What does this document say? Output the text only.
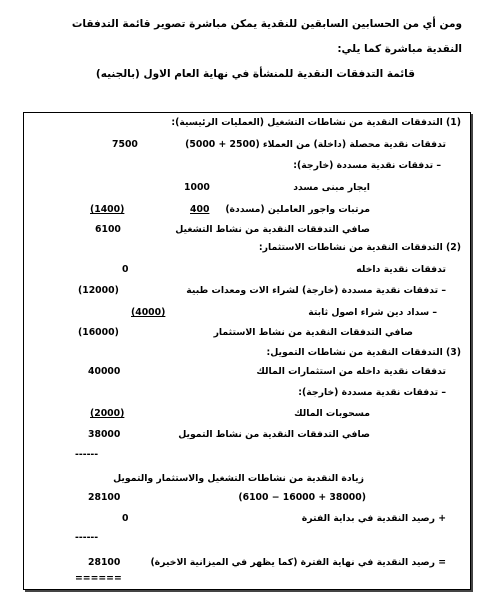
ومن أي من الحسابين السابقين للنقدية يمكن مباشرة تصوير قائمة التدفقات
النقدية مباشرة كما يلي:
قائمة التدفقات النقدية للمنشأة في نهاية العام الاول (بالجنيه)
(1) التدفقات النقدية من نشاطات التشغيل (العمليات الرئيسية):
تدفقات نقدية محصلة (داخلة) من العملاء (2500 + 5000)
7500
– تدفقات نقدية مسددة (خارجة):
ايجار مبنى مسدد
1000
مرتبات واجور العاملين (مسددة)
400
(1400)
صافي التدفقات النقدية من نشاط التشغيل
6100
(2) التدفقات النقدية من نشاطات الاستثمار:
تدفقات نقدية داخله
0
– تدفقات نقدية مسددة (خارجة) لشراء الات ومعدات طبية
(12000)
– سداد دين شراء اصول ثابتة
(4000)
صافي التدفقات النقدية من نشاط الاستثمار
(16000)
(3) التدفقات النقدية من نشاطات التمويل:
تدفقات نقدية داخله من استثمارات المالك
40000
– تدفقات نقدية مسددة (خارجة):
مسحوبات المالك
(2000)
صافي التدفقات النقدية من نشاط التمويل
38000
------
زيادة النقدية من نشاطات التشغيل والاستثمار والتمويل
(38000 + 16000 − 6100)
28100
+ رصيد النقدية في بداية الفترة
0
------
= رصيد النقدية في نهاية الفترة (كما يظهر في الميزانية الاخيرة)
28100
======
